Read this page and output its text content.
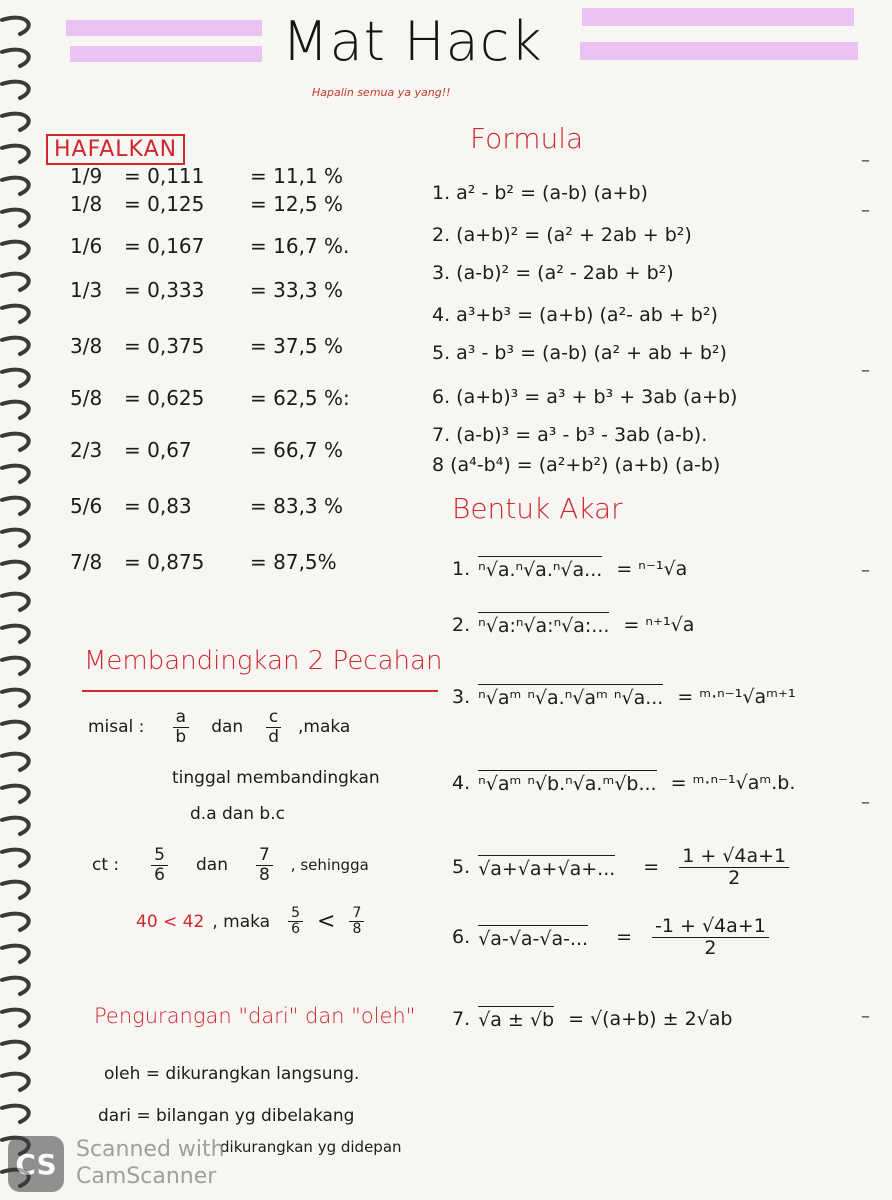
Mat Hack
Hapalin semua ya yang!!
HAFALKAN
1/9 = 0,111 = 11,1 %
1/8 = 0,125 = 12,5 %
1/6 = 0,167 = 16,7 %.
1/3 = 0,333 = 33,3 %
3/8 = 0,375 = 37,5 %
5/8 = 0,625 = 62,5 %:
2/3 = 0,67	= 66,7 %
5/6 = 0,83	= 83,3 %
7/8 = 0,875 = 87,5%
Formula
1. a² - b² = (a-b) (a+b)
2. (a+b)² = (a² + 2ab + b²)
3. (a-b)² = (a² - 2ab + b²)
4. a³+b³ = (a+b) (a²- ab + b²)
5. a³ - b³ = (a-b) (a² + ab + b²)
6. (a+b)³ = a³ + b³ + 3ab (a+b)
7. (a-b)³ = a³ - b³ - 3ab (a-b).
8 (a⁴-b⁴) = (a²+b²) (a+b) (a-b)
Bentuk Akar
1. ⁿ√a.ⁿ√a.ⁿ√a... = ⁿ⁻¹√a
2. ⁿ√a:ⁿ√a:ⁿ√a:... = ⁿ⁺¹√a
3. ⁿ√aᵐ ⁿ√a.ⁿ√aᵐ ⁿ√a... = ᵐ·ⁿ⁻¹√aᵐ⁺¹
4. ⁿ√aᵐ ⁿ√b.ⁿ√a.ᵐ√b... = ᵐ·ⁿ⁻¹√aᵐ.b.
5. √a+√a+√a+... = $\frac{1 + √4a+1}{2}$
6. √a-√a-√a-... = $\frac{-1 + √4a+1}{2}$
7. √a ± √b = √(a+b) ± 2√ab
Membandingkan 2 Pecahan
misal : $\frac{a}{b}$ dan $\frac{c}{d}$ ,maka
tinggal membandingkan
d.a dan b.c
ct : $\frac{5}{6}$ dan $\frac{7}{8}$ , sehingga
40 < 42 , maka $\frac{5}{6} < \frac{7}{8}$
Pengurangan "dari" dan "oleh"
oleh = dikurangkan langsung.
dari = bilangan yg dibelakang
dikurangkan yg didepan
–
–
–
–
–
–
CS Scanned with
CamScanner
